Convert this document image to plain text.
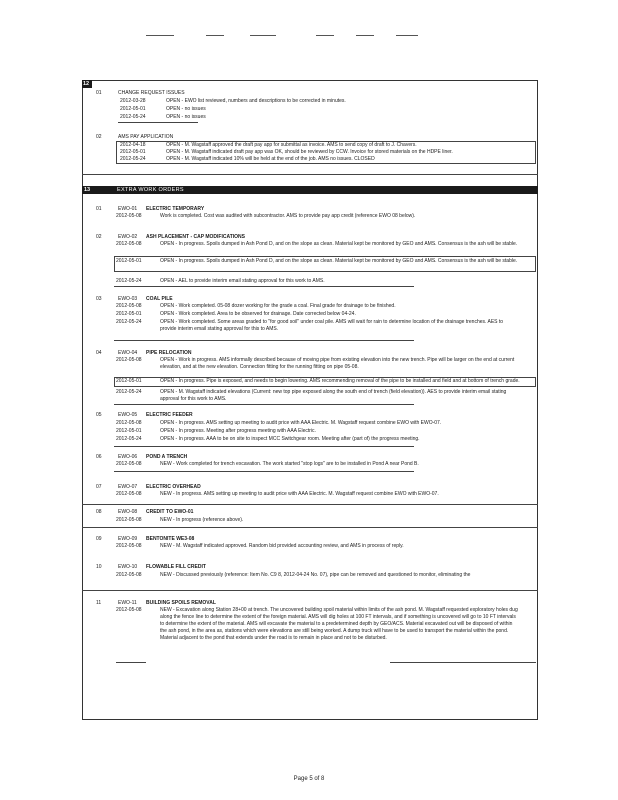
12
01	CHANGE REQUEST ISSUES
2012-03-28	OPEN - EWO list reviewed, numbers and descriptions to be corrected in minutes.
2012-05-01	OPEN - no issues
2012-05-24	OPEN - no issues
02	AMS PAY APPLICATION
2012-04-18	OPEN - M. Wagstaff approved the draft pay app for submittal as invoice. AMS to send copy of draft to J. Chavers.
2012-05-01	OPEN - M. Wagstaff indicated draft pay app was OK, should be reviewed by CCW. Invoice for stored materials on the HDPE liner.
2012-05-24	OPEN - M. Wagstaff indicated 10% will be held at the end of the job. AMS no issues. CLOSED
13	EXTRA WORK ORDERS
01	EWO-01	ELECTRIC TEMPORARY
2012-05-08	Work is completed. Cost was audited with subcontractor. AMS to provide pay app credit (reference EWO 08 below).
02	EWO-02	ASH PLACEMENT - CAP MODIFICATIONS
2012-05-08	OPEN - In progress. Spoils dumped in Ash Pond D, and on the slope as clean. Material kept be monitored by GEO and AMS. Consensus is the ash will be stable.
2012-05-01	OPEN - In progress. Spoils dumped in Ash Pond D, and on the slope as clean. Material kept be monitored by GEO and AMS. Consensus is the ash will be stable.
2012-05-24	OPEN - AEL to provide interim email stating approval for this work to AMS.
03	EWO-03	COAL PILE
2012-05-08	OPEN - Work completed. 05-08 dozer working for the grade a coal. Final grade for drainage to be finished.
2012-05-01	OPEN - Work completed. Area to be observed for drainage. Date corrected below 04-24.
2012-05-24	OPEN - Work completed. Some areas graded to "for good soil" under coal pile. AMS will wait for rain to determine location of the drainage trenches. AES to provide interim email stating approval for this to AMS.
04	EWO-04	PIPE RELOCATION
2012-05-08	OPEN - Work in progress. AMS informally described because of moving pipe from existing elevation into the new trench. Pipe will be larger on the end at current elevation, and at the new elevation. Connection fitting for the running fitting on pipe 05-08.
2012-05-01	OPEN - In progress. Pipe is exposed, and needs to begin lowering. AMS recommending removal of the pipe to be installed and field and at bottom of trench grade.
2012-05-24	OPEN - M. Wagstaff indicated elevations (Current: new top pipe exposed along the south end of trench (field elevation)). AES to provide interim email stating approval for this work to AMS.
05	EWO-05	ELECTRIC FEEDER
2012-05-08	OPEN - In progress. AMS setting up meeting to audit price with AAA Electric. M. Wagstaff request combine EWO with EWO-07.
2012-05-01	OPEN - In progress. Meeting after progress meeting with AAA Electric.
2012-05-24	OPEN - In progress. AAA to be on site to inspect MCC Switchgear room. Meeting after (part of) the progress meeting.
06	EWO-06	POND A TRENCH
2012-05-08	NEW - Work completed for trench excavation. The work started "stop logs" are to be installed in Pond A near Pond B.
07	EWO-07	ELECTRIC OVERHEAD
2012-05-08	NEW - In progress. AMS setting up meeting to audit price with AAA Electric. M. Wagstaff request combine EWO with EWO-07.
08	EWO-08	CREDIT TO EWO-01
2012-05-08	NEW - In progress (reference above).
09	EWO-09	BENTONITE WE3-08
2012-05-08	NEW - M. Wagstaff indicated approved. Random bid provided accounting review, and AMS in process of reply.
10	EWO-10	FLOWABLE FILL CREDIT
2012-05-08	NEW - Discussed previously (reference: Item No. C9 8, 2012-04-24 No. 07), pipe can be removed and questioned to monitor, eliminating the
11	EWO-11	BUILDING SPOILS REMOVAL
2012-05-08	NEW - Excavation along Station 28+00 at trench. The uncovered building spoil material within limits of the ash pond. M. Wagstaff requested exploratory holes dug along the fence line to determine the extent of the foreign material. AMS will dig holes at 100 FT intervals, and if something is uncovered will go to 10 FT intervals to determine the extent of the material. AMS will excavate the material to a predetermined depth by GEO/ACS. Material excavated out will be disposed of within the ash pond, in the area as, stations which were elevations are still being worked. A dump truck will have to be used to transport the material within the pond. Material adjacent to the pond that extends under the road is to remain in place and not to be disturbed.
Page 5 of 8
